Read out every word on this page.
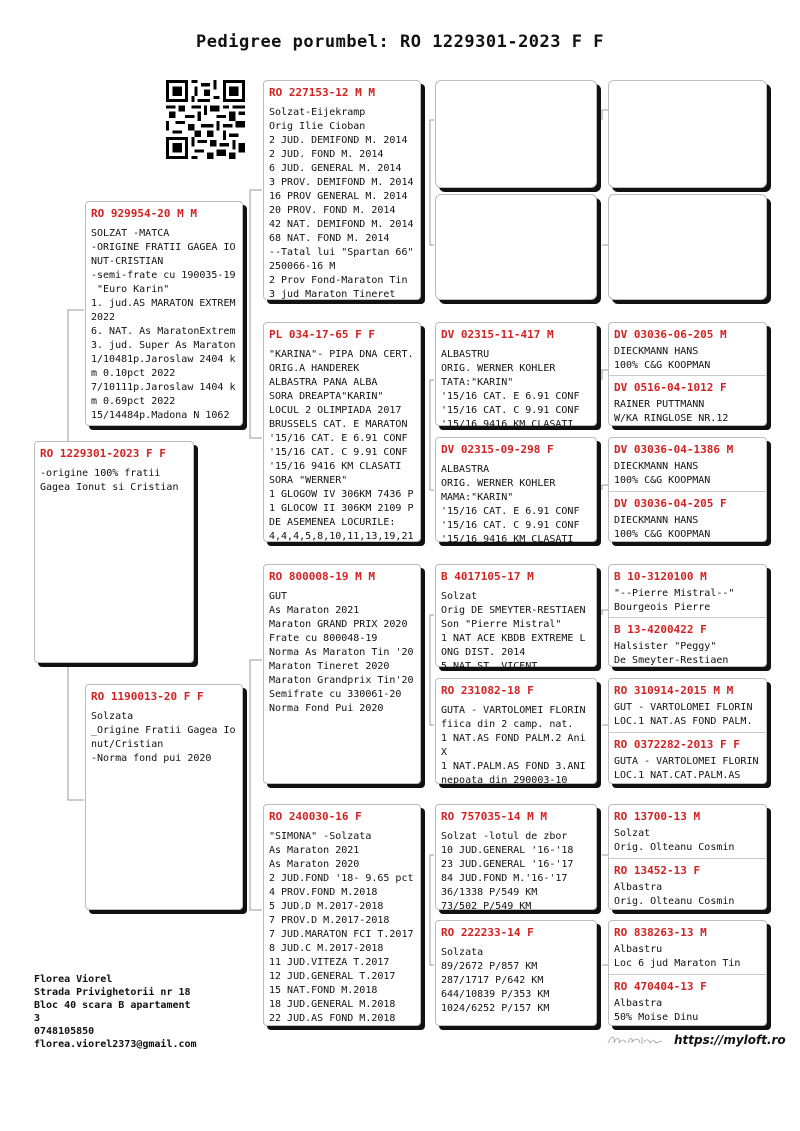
Pedigree porumbel: RO 1229301-2023 F F
RO 1229301-2023 F F
-origine 100% fratii
Gagea Ionut si Cristian
RO 929954-20 M M
SOLZAT -MATCA
-ORIGINE FRATII GAGEA IONUT-CRISTIAN
-semi-frate cu 190035-19
"Euro Karin"
1. jud.AS MARATON EXTREM 2022
6. NAT. As MaratonExtrem
3. jud. Super As Maraton
1/10481p.Jaroslaw 2404 km 0.10pct 2022
7/10111p.Jaroslaw 1404 km 0.69pct 2022
15/14484p.Madona N 1062
RO 1190013-20 F F
Solzata
_Origine Fratii Gagea Ionut/Cristian
-Norma fond pui 2020
RO 227153-12 M M
Solzat-Eijekramp
Orig Ilie Cioban
2 JUD. DEMIFOND M. 2014
2 JUD. FOND M. 2014
6 JUD. GENERAL M. 2014
3 PROV. DEMIFOND M. 2014
16 PROV GENERAL M. 2014
20 PROV. FOND M. 2014
42 NAT. DEMIFOND M. 2014
68 NAT. FOND M. 2014
--Tatal lui "Spartan 66" 250066-16 M
2 Prov Fond-Maraton Tin
3 jud Maraton Tineret
PL 034-17-65 F F
"KARINA"- PIPA DNA CERT.
ORIG.A HANDEREK
ALBASTRA PANA ALBA
SORA DREAPTA"KARIN"
LOCUL 2 OLIMPIADA 2017
BRUSSELS CAT. E MARATON
'15/16 CAT. E 6.91 CONF
'15/16 CAT. C 9.91 CONF
'15/16 9416 KM CLASATI
SORA "WERNER"
1 GLOGOW IV 306KM 7436 P
1 GLOCOW II 306KM 2109 P
DE ASEMENEA LOCURILE:
4,4,4,5,8,10,11,13,19,21
RO 800008-19 M M
GUT
As Maraton 2021
Maraton GRAND PRIX 2020
Frate cu 800048-19
Norma As Maraton Tin '20
Maraton Tineret 2020
Maraton Grandprix Tin'20
Semifrate cu 330061-20
Norma Fond Pui 2020
RO 240030-16 F
"SIMONA" -Solzata
As Maraton 2021
As Maraton 2020
2 JUD.FOND '18- 9.65 pct
4 PROV.FOND M.2018
5 JUD.D M.2017-2018
7 PROV.D M.2017-2018
7 JUD.MARATON FCI T.2017
8 JUD.C M.2017-2018
11 JUD.VITEZA T.2017
12 JUD.GENERAL T.2017
15 NAT.FOND M.2018
18 JUD.GENERAL M.2018
22 JUD.AS FOND M.2018
DV 02315-11-417 M
ALBASTRU
ORIG. WERNER KOHLER
TATA:"KARIN"
'15/16 CAT. E 6.91 CONF
'15/16 CAT. C 9.91 CONF
'15/16 9416 KM CLASATI
DV 02315-09-298 F
ALBASTRA
ORIG. WERNER KOHLER
MAMA:"KARIN"
'15/16 CAT. E 6.91 CONF
'15/16 CAT. C 9.91 CONF
'15/16 9416 KM CLASATI
B 4017105-17 M
Solzat
Orig DE SMEYTER-RESTIAEN
Son "Pierre Mistral"
1 NAT ACE KBDB EXTREME LONG DIST. 2014
5 NAT ST. VICENT
RO 231082-18 F
GUTA - VARTOLOMEI FLORIN
fiica din 2 camp. nat.
1 NAT.AS FOND PALM.2 Ani
X
1 NAT.PALM.AS FOND 3.ANI
nepoata din 290003-10
RO 757035-14 M M
Solzat -lotul de zbor
10 JUD.GENERAL '16-'18
23 JUD.GENERAL '16-'17
84 JUD.FOND M.'16-'17
36/1338 P/549 KM
73/502 P/549 KM
RO 222233-14 F
Solzata
89/2672 P/857 KM
287/1717 P/642 KM
644/10839 P/353 KM
1024/6252 P/157 KM
DV 03036-06-205 M
DIECKMANN HANS
100% C&G KOOPMAN
DV 0516-04-1012 F
RAINER PUTTMANN
W/KA RINGLOSE NR.12
DV 03036-04-1386 M
DIECKMANN HANS
100% C&G KOOPMAN
DV 03036-04-205 F
DIECKMANN HANS
100% C&G KOOPMAN
B 10-3120100 M
"--Pierre Mistral--"
Bourgeois Pierre
B 13-4200422 F
Halsister "Peggy"
De Smeyter-Restiaen
RO 310914-2015 M M
GUT - VARTOLOMEI FLORIN
LOC.1 NAT.AS FOND PALM.
RO 0372282-2013 F F
GUTA - VARTOLOMEI FLORIN
LOC.1 NAT.CAT.PALM.AS
RO 13700-13 M
Solzat
Orig. Olteanu Cosmin
RO 13452-13 F
Albastra
Orig. Olteanu Cosmin
RO 838263-13 M
Albastru
Loc 6 jud Maraton Tin
RO 470404-13 F
Albastra
50% Moise Dinu
Florea Viorel
Strada Privighetorii nr 18
Bloc 40 scara B apartament
3
0748105850
florea.viorel2373@gmail.com	https://myloft.ro
